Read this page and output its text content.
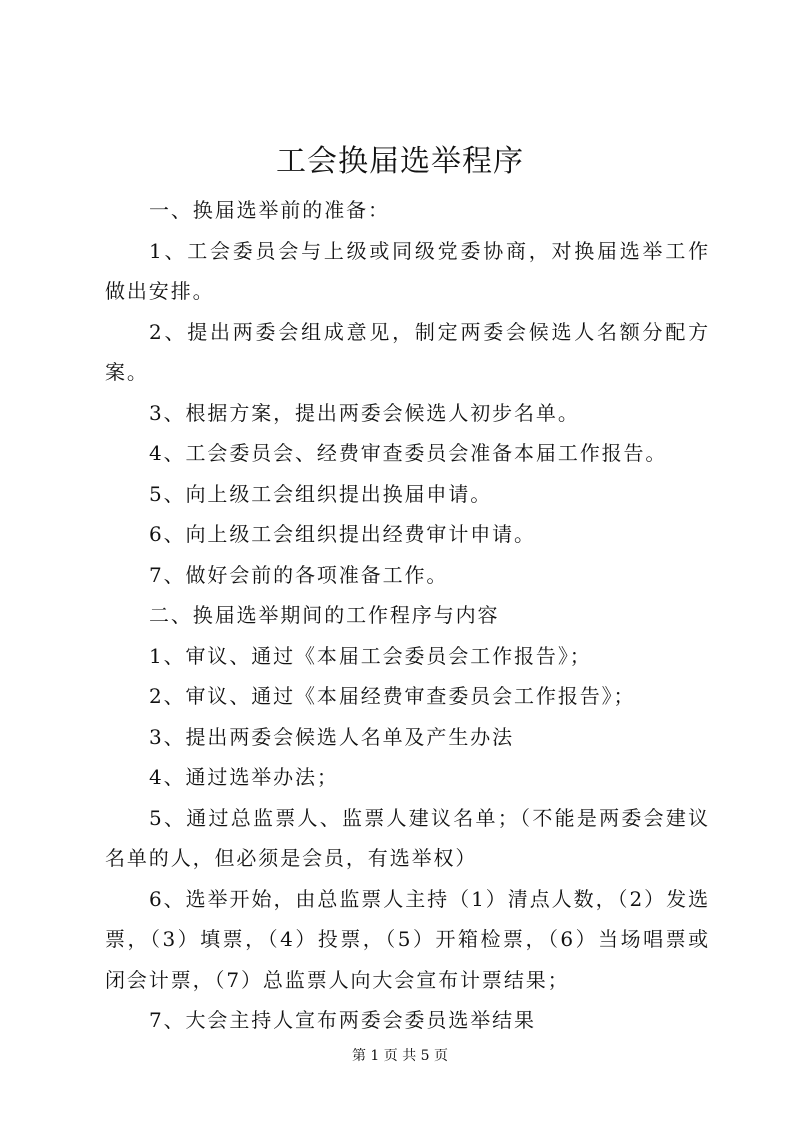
工会换届选举程序

一、换届选举前的准备：

1、工会委员会与上级或同级党委协商，对换届选举工作做出安排。

2、提出两委会组成意见，制定两委会候选人名额分配方案。

3、根据方案，提出两委会候选人初步名单。

4、工会委员会、经费审查委员会准备本届工作报告。

5、向上级工会组织提出换届申请。

6、向上级工会组织提出经费审计申请。

7、做好会前的各项准备工作。

二、换届选举期间的工作程序与内容

1、审议、通过《本届工会委员会工作报告》；

2、审议、通过《本届经费审查委员会工作报告》；

3、提出两委会候选人名单及产生办法

4、通过选举办法；

5、通过总监票人、监票人建议名单；（不能是两委会建议名单的人，但必须是会员，有选举权）

6、选举开始，由总监票人主持（1）清点人数，（2）发选票，（3）填票，（4）投票，（5）开箱检票，（6）当场唱票或闭会计票，（7）总监票人向大会宣布计票结果；

7、大会主持人宣布两委会委员选举结果

第 1 页 共 5 页
